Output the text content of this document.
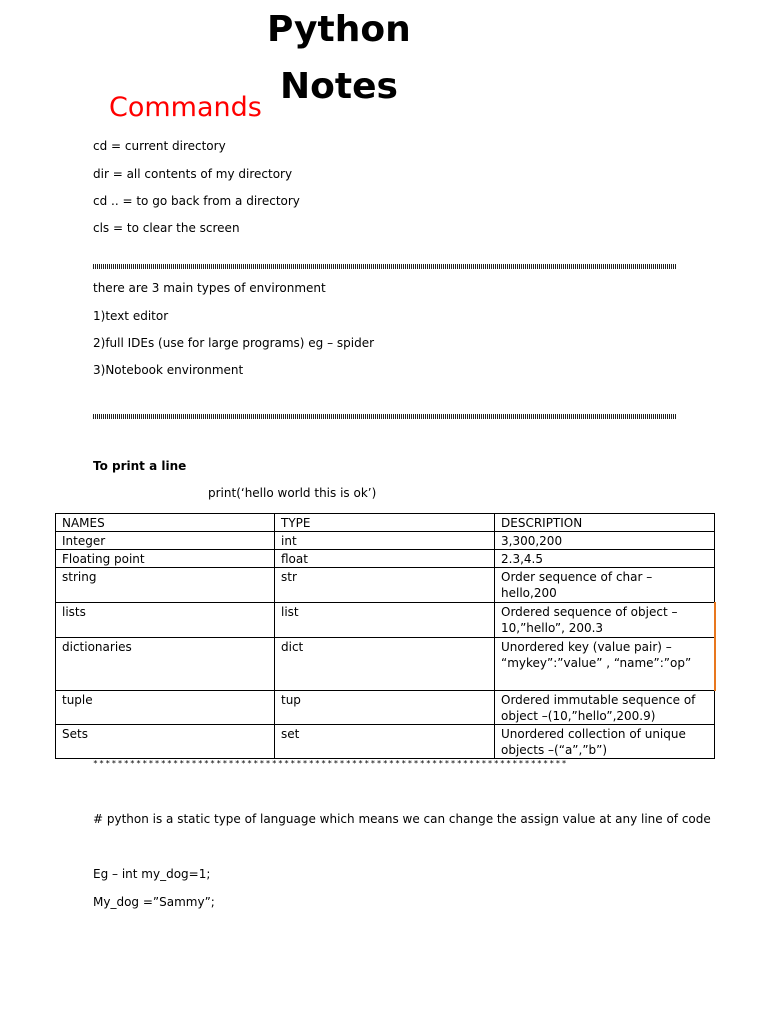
Python
Notes
Commands
cd = current directory
dir = all contents of my directory
cd .. = to go back from a directory
cls = to clear the screen
there are 3 main types of environment
1)text editor
2)full IDEs (use for large programs) eg – spider
3)Notebook environment
To print a line
print(‘hello world this is ok’)
NAMES	TYPE	DESCRIPTION
Integer	int	3,300,200
Floating point	float	2.3,4.5
string	str	Order sequence of char – hello,200
lists	list	Ordered sequence of object – 10,”hello”, 200.3
dictionaries	dict	Unordered key (value pair) – “mykey”:”value” , “name”:”op”
tuple	tup	Ordered immutable sequence of object –(10,”hello”,200.9)
Sets	set	Unordered collection of unique objects –(“a”,”b”)
*****************************************************************************
# python is a static type of language which means we can change the assign value at any line of code
Eg – int my_dog=1;
My_dog =”Sammy”;
